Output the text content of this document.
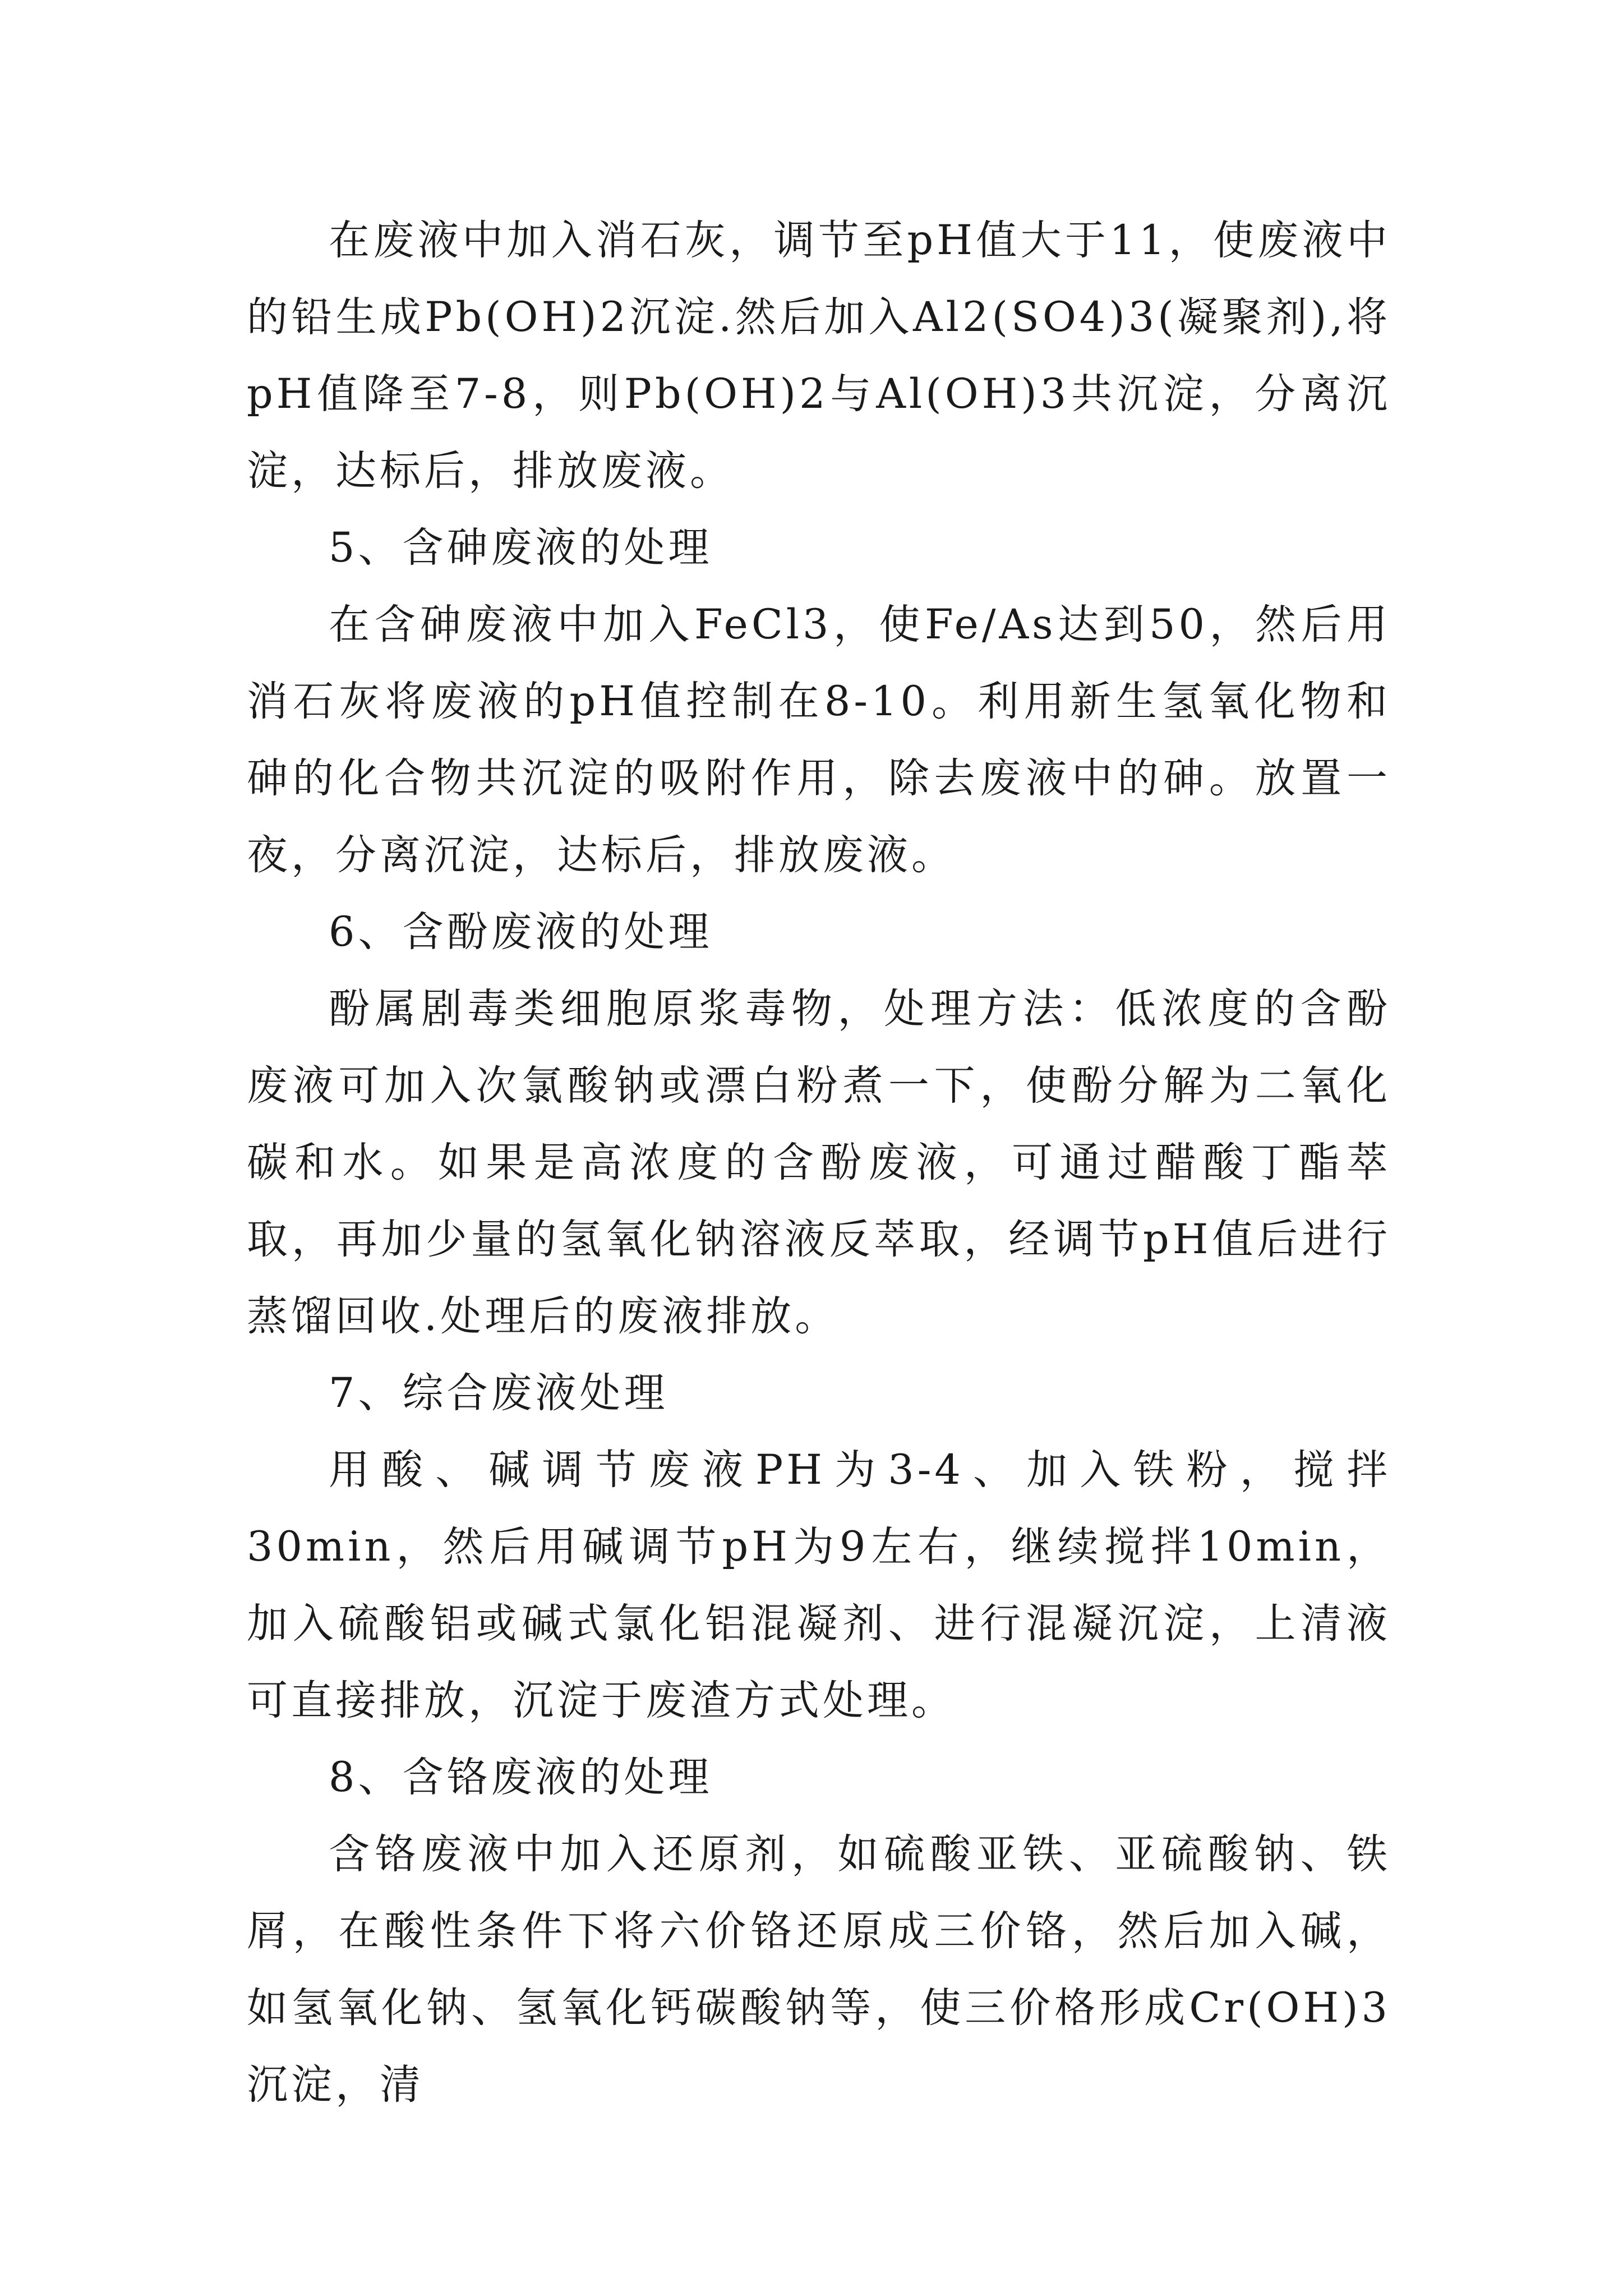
在废液中加入消石灰，调节至pH值大于11，使废液中的铅生成Pb(OH)2沉淀.然后加入Al2(SO4)3(凝聚剂),将pH值降至7-8，则Pb(OH)2与Al(OH)3共沉淀，分离沉淀，达标后，排放废液。

5、含砷废液的处理

在含砷废液中加入FeCl3，使Fe/As达到50，然后用消石灰将废液的pH值控制在8-10。利用新生氢氧化物和砷的化合物共沉淀的吸附作用，除去废液中的砷。放置一夜，分离沉淀，达标后，排放废液。

6、含酚废液的处理

酚属剧毒类细胞原浆毒物，处理方法：低浓度的含酚废液可加入次氯酸钠或漂白粉煮一下，使酚分解为二氧化碳和水。如果是高浓度的含酚废液，可通过醋酸丁酯萃取，再加少量的氢氧化钠溶液反萃取，经调节pH值后进行蒸馏回收.处理后的废液排放。

7、综合废液处理

用酸、碱调节废液PH为3-4、加入铁粉，搅拌30min，然后用碱调节pH为9左右，继续搅拌10min，加入硫酸铝或碱式氯化铝混凝剂、进行混凝沉淀，上清液可直接排放，沉淀于废渣方式处理。

8、含铬废液的处理

含铬废液中加入还原剂，如硫酸亚铁、亚硫酸钠、铁屑，在酸性条件下将六价铬还原成三价铬，然后加入碱，如氢氧化钠、氢氧化钙碳酸钠等，使三价格形成Cr(OH)3沉淀，清
